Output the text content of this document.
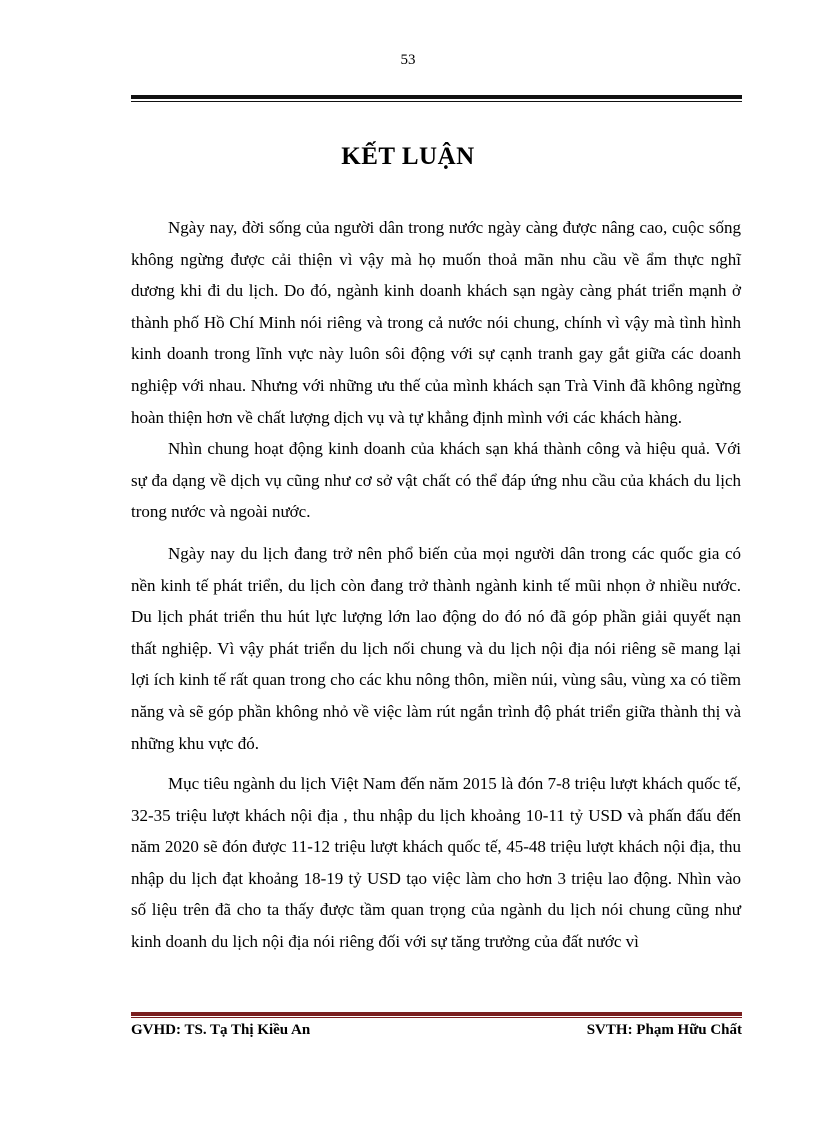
53
KẾT LUẬN

Ngày nay, đời sống của người dân trong nước ngày càng được nâng cao, cuộc sống không ngừng được cải thiện vì vậy mà họ muốn thoả mãn nhu cầu về ẩm thực nghĩ dương khi đi du lịch. Do đó, ngành kinh doanh khách sạn ngày càng phát triển mạnh ở thành phố Hồ Chí Minh nói riêng và trong cả nước nói chung, chính vì vậy mà tình hình kinh doanh trong lĩnh vực này luôn sôi động với sự cạnh tranh gay gắt giữa các doanh nghiệp với nhau. Nhưng với những ưu thế của mình khách sạn Trà Vinh đã không ngừng hoàn thiện hơn về chất lượng dịch vụ và tự khẳng định mình với các khách hàng.

Nhìn chung hoạt động kinh doanh của khách sạn khá thành công và hiệu quả. Với sự đa dạng về dịch vụ cũng như cơ sở vật chất có thể đáp ứng nhu cầu của khách du lịch trong nước và ngoài nước.

Ngày nay du lịch đang trở nên phổ biến của mọi người dân trong các quốc gia có nền kinh tế phát triển, du lịch còn đang trở thành ngành kinh tế mũi nhọn ở nhiều nước. Du lịch phát triển thu hút lực lượng lớn lao động do đó nó đã góp phần giải quyết nạn thất nghiệp. Vì vậy phát triển du lịch nối chung và du lịch nội địa nói riêng sẽ mang lại lợi ích kinh tế rất quan trong cho các khu nông thôn, miền núi, vùng sâu, vùng xa có tiềm năng và sẽ góp phần không nhỏ về việc làm rút ngắn trình độ phát triển giữa thành thị và những khu vực đó.

Mục tiêu ngành du lịch Việt Nam đến năm 2015 là đón 7-8 triệu lượt khách quốc tế, 32-35 triệu lượt khách nội địa , thu nhập du lịch khoảng 10-11 tỷ USD và phấn đấu đến năm 2020 sẽ đón được 11-12 triệu lượt khách quốc tế, 45-48 triệu lượt khách nội địa, thu nhập du lịch đạt khoảng 18-19 tỷ USD tạo việc làm cho hơn 3 triệu lao động. Nhìn vào số liệu trên đã cho ta thấy được tầm quan trọng của ngành du lịch nói chung cũng như kinh doanh du lịch nội địa nói riêng đối với sự tăng trưởng của đất nước vì

GVHD: TS. Tạ Thị Kiều An	SVTH: Phạm Hữu Chất
